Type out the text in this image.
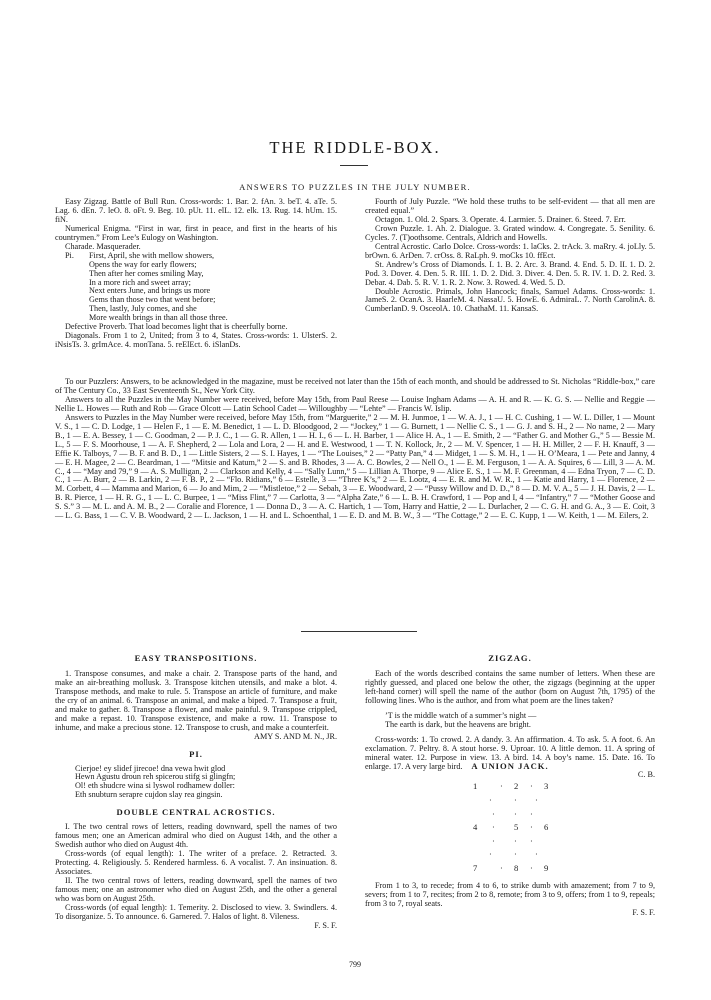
THE RIDDLE-BOX.
ANSWERS TO PUZZLES IN THE JULY NUMBER.

Easy Zigzag. Battle of Bull Run. Cross-words: 1. Bar. 2. fAn. 3. beT. 4. aTe. 5. Lag. 6. dEn. 7. leO. 8. oFt. 9. Beg. 10. pUt. 11. elL. 12. elk. 13. Rug. 14. hUm. 15. fiN.

Numerical Enigma. “First in war, first in peace, and first in the hearts of his countrymen.” From Lee’s Eulogy on Washington.

Charade. Masquerader.

Pi.	First, April, she with mellow showers,

Opens the way for early flowers;

Then after her comes smiling May,

In a more rich and sweet array;

Next enters June, and brings us more

Gems than those two that went before;

Then, lastly, July comes, and she

More wealth brings in than all those three.

Defective Proverb. That load becomes light that is cheerfully borne.

Diagonals. From 1 to 2, United; from 3 to 4, States. Cross-words: 1. UlsterS. 2. iNsisTs. 3. grImAce. 4. monTana. 5. reElEct. 6. iSlanDs.

Fourth of July Puzzle. “We hold these truths to be self-evident — that all men are created equal.”

Octagon. 1. Old. 2. Spars. 3. Operate. 4. Larmier. 5. Drainer. 6. Steed. 7. Err.

Crown Puzzle. 1. Ah. 2. Dialogue. 3. Grated window. 4. Congregate. 5. Senility. 6. Cycles. 7. (T)oothsome. Centrals, Aldrich and Howells.

Central Acrostic. Carlo Dolce. Cross-words: 1. laCks. 2. trAck. 3. maRry. 4. joLly. 5. brOwn. 6. ArDen. 7. crOss. 8. RaLph. 9. moCks 10. ffEct.

St. Andrew’s Cross of Diamonds. I. 1. B. 2. Arc. 3. Brand. 4. End. 5. D. II. 1. D. 2. Pod. 3. Dover. 4. Den. 5. R. III. 1. D. 2. Did. 3. Diver. 4. Den. 5. R. IV. 1. D. 2. Red. 3. Debar. 4. Dab. 5. R. V. 1. R. 2. Now. 3. Rowed. 4. Wed. 5. D.

Double Acrostic. Primals, John Hancock; finals, Samuel Adams. Cross-words: 1. JameS. 2. OcanA. 3. HaarleM. 4. NassaU. 5. HowE. 6. AdmiraL. 7. North CarolinA. 8. CumberlanD. 9. OsceolA. 10. ChathaM. 11. KansaS.

To our Puzzlers: Answers, to be acknowledged in the magazine, must be received not later than the 15th of each month, and should be addressed to St. Nicholas “Riddle-box,” care of The Century Co., 33 East Seventeenth St., New York City.

Answers to all the Puzzles in the May Number were received, before May 15th, from Paul Reese — Louise Ingham Adams — A. H. and R. — K. G. S. — Nellie and Reggie — Nellie L. Howes — Ruth and Rob — Grace Olcott — Latin School Cadet — Willoughby — “Lehte” — Francis W. Islip.

Answers to Puzzles in the May Number were received, before May 15th, from “Marguerite,” 2 — M. H. Junmoe, 1 — W. A. J., 1 — H. C. Cushing, 1 — W. L. Diller, 1 — Mount V. S., 1 — C. D. Lodge, 1 — Helen F., 1 — E. M. Benedict, 1 — L. D. Bloodgood, 2 — “Jockey,” 1 — G. Burnett, 1 — Nellie C. S., 1 — G. J. and S. H., 2 — No name, 2 — Mary B., 1 — E. A. Bessey, 1 — C. Goodman, 2 — P. J. C., 1 — G. R. Allen, 1 — H. I., 6 — L. H. Barber, 1 — Alice H. A., 1 — E. Smith, 2 — “Father G. and Mother G.,” 5 — Bessie M. L., 5 — F. S. Moorhouse, 1 — A. F. Shepherd, 2 — Lola and Lora, 2 — H. and E. Westwood, 1 — T. N. Kollock, Jr., 2 — M. V. Spencer, 1 — H. H. Miller, 2 — F. H. Knauff, 3 — Effie K. Talboys, 7 — B. F. and B. D., 1 — Little Sisters, 2 — S. I. Hayes, 1 — “The Louises,” 2 — “Patty Pan,” 4 — Midget, 1 — S. M. H., 1 — H. O’Meara, 1 — Pete and Janny, 4 — E. H. Magee, 2 — C. Beardman, 1 — “Mitsie and Katum,” 2 — S. and B. Rhodes, 3 — A. C. Bowles, 2 — Nell O., 1 — E. M. Ferguson, 1 — A. A. Squires, 6 — Lill, 3 — A. M. C., 4 — “May and 79,” 9 — A. S. Mulligan, 2 — Clarkson and Kelly, 4 — “Sally Lunn,” 5 — Lillian A. Thorpe, 9 — Alice E. S., 1 — M. F. Greenman, 4 — Edna Tryon, 7 — C. D. C., 1 — A. Burr, 2 — B. Larkin, 2 — F. B. P., 2 — “Flo. Ridians,” 6 — Estelle, 3 — “Three K’s,” 2 — E. Lootz, 4 — E. R. and M. W. R., 1 — Katie and Harry, 1 — Florence, 2 — M. Corbett, 4 — Mamma and Marion, 6 — Jo and Mim, 2 — “Mistletoe,” 2 — Sebah, 3 — E. Woodward, 2 — “Pussy Willow and D. D.,” 8 — D. M. V. A., 5 — J. H. Davis, 2 — L. B. R. Pierce, 1 — H. R. G., 1 — L. C. Burpee, 1 — “Miss Flint,” 7 — Carlotta, 3 — “Alpha Zate,” 6 — L. B. H. Crawford, 1 — Pop and I, 4 — “Infantry,” 7 — “Mother Goose and S. S.” 3 — M. L. and A. M. B., 2 — Coralie and Florence, 1 — Donna D., 3 — A. C. Hartich, 1 — Tom, Harry and Hattie, 2 — L. Durlacher, 2 — C. G. H. and G. A., 3 — E. Coit, 3 — L. G. Bass, 1 — C. V. B. Woodward, 2 — L. Jackson, 1 — H. and L. Schoenthal, 1 — E. D. and M. B. W., 3 — “The Cottage,” 2 — E. C. Kupp, 1 — W. Keith, 1 — M. Eilers, 2.

EASY TRANSPOSITIONS.

1. Transpose consumes, and make a chair. 2. Transpose parts of the hand, and make an air-breathing mollusk. 3. Transpose kitchen utensils, and make a blot. 4. Transpose methods, and make to rule. 5. Transpose an article of furniture, and make the cry of an animal. 6. Transpose an animal, and make a biped. 7. Transpose a fruit, and make to gather. 8. Transpose a flower, and make painful. 9. Transpose crippled, and make a repast. 10. Transpose existence, and make a row. 11. Transpose to inhume, and make a precious stone. 12. Transpose to crush, and make a counterfeit.

AMY S. AND M. N., JR.

PI.

Cierjoe! ey slidef jirecoe! dna vewa hwit glod

Hewn Agustu droun reh spicerou stifg si glingfn;

Ol! eth shudcre wina si lyswol rodhamew doller:

Eth snubturn serapre cujdon slay rea gingsin.

DOUBLE CENTRAL ACROSTICS.

I. The two central rows of letters, reading downward, spell the names of two famous men; one an American admiral who died on August 14th, and the other a Swedish author who died on August 4th.

Cross-words (of equal length): 1. The writer of a preface. 2. Retracted. 3. Protecting. 4. Religiously. 5. Rendered harmless. 6. A vocalist. 7. An insinuation. 8. Associates.

II. The two central rows of letters, reading downward, spell the names of two famous men; one an astronomer who died on August 25th, and the other a general who was born on August 25th.

Cross-words (of equal length): 1. Temerity. 2. Disclosed to view. 3. Swindlers. 4. To disorganize. 5. To announce. 6. Garnered. 7. Halos of light. 8. Vileness.

F. S. F.

ZIGZAG.

Each of the words described contains the same number of letters. When these are rightly guessed, and placed one below the other, the zigzags (beginning at the upper left-hand corner) will spell the name of the author (born on August 7th, 1795) of the following lines. Who is the author, and from what poem are the lines taken?

’T is the middle watch of a summer’s night —

The earth is dark, but the heavens are bright.

Cross-words: 1. To crowd. 2. A dandy. 3. An affirmation. 4. To ask. 5. A foot. 6. An exclamation. 7. Peltry. 8. A stout horse. 9. Uproar. 10. A little demon. 11. A spring of mineral water. 12. Purpose in view. 13. A bird. 14. A boy’s name. 15. Date. 16. To enlarge. 17. A very large bird.

C. B.

A UNION JACK.

1	· 2 · 3
·	· ·
· · ·
4 · 5 · 6
· · ·
·	· ·
7	· 8 · 9

From 1 to 3, to recede; from 4 to 6, to strike dumb with amazement; from 7 to 9, severs; from 1 to 7, recites; from 2 to 8, remote; from 3 to 9, offers; from 1 to 9, repeals; from 3 to 7, royal seats.

F. S. F.

799
